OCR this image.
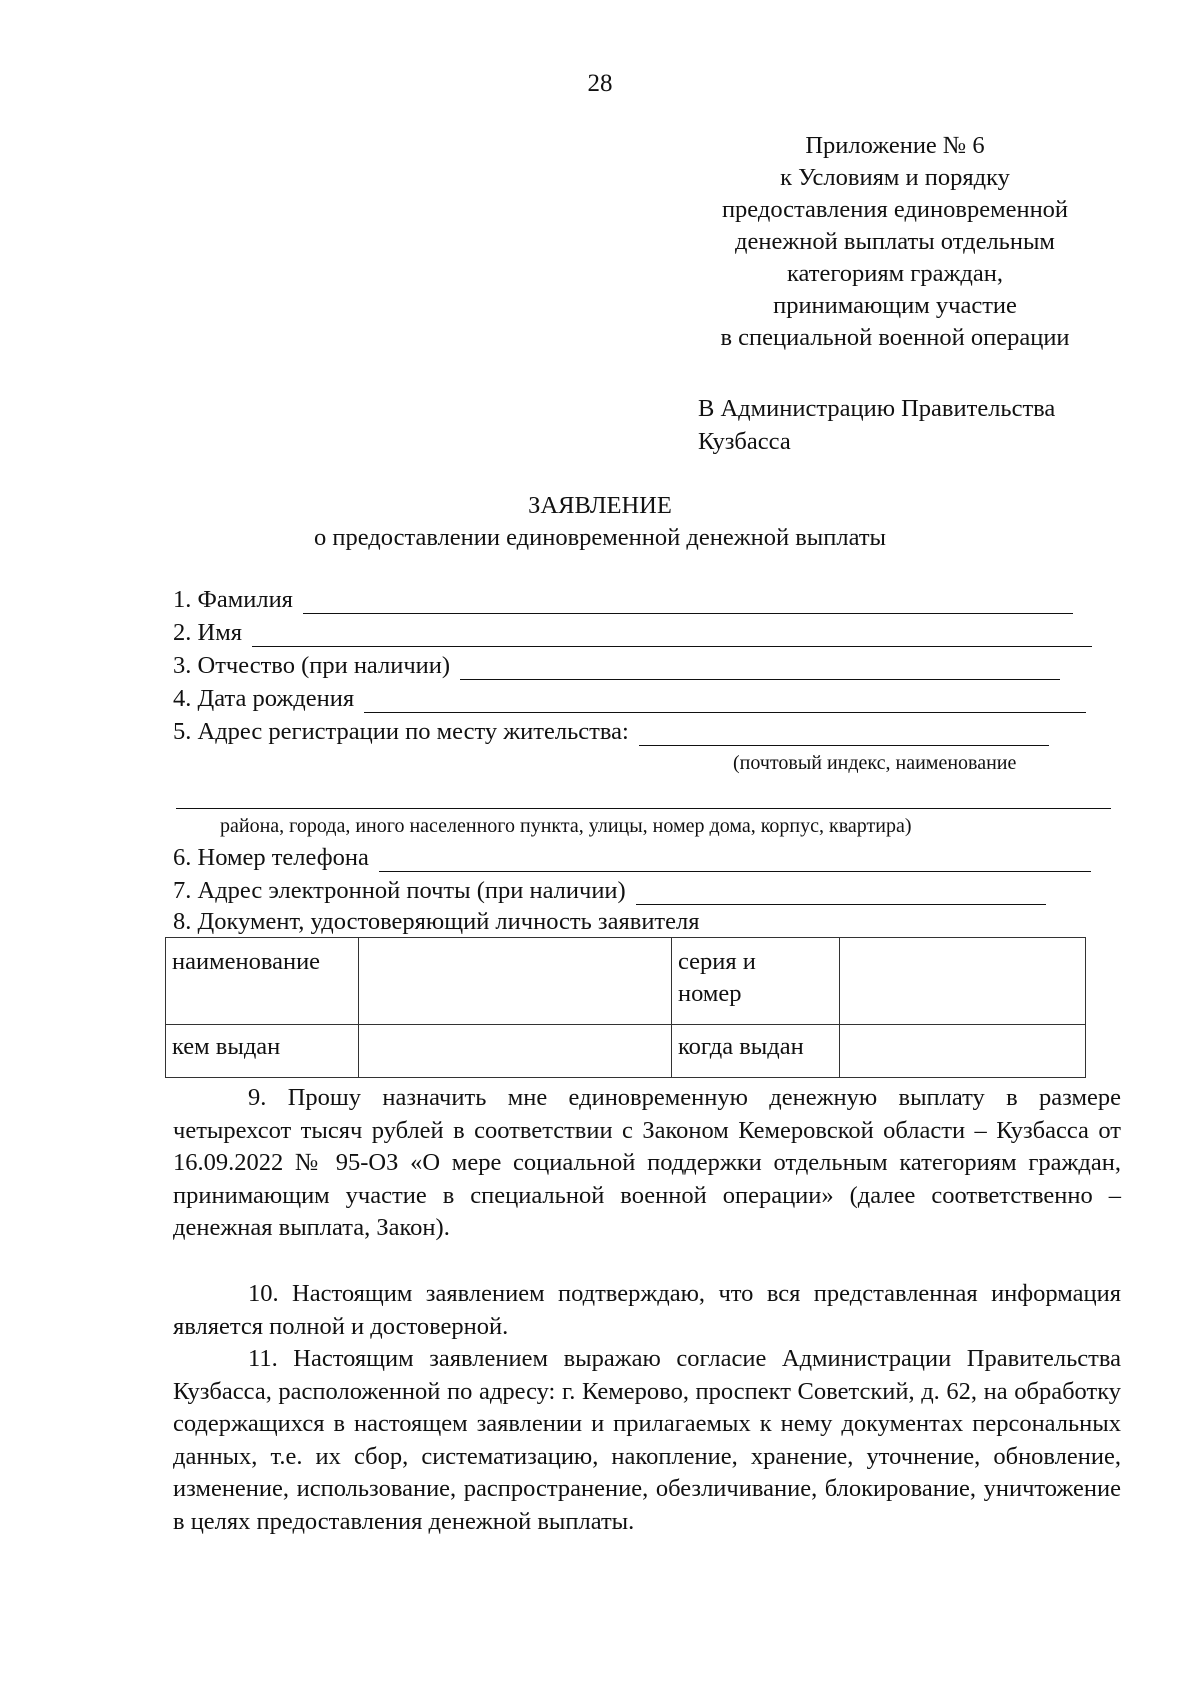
28
Приложение № 6
к Условиям и порядку
предоставления единовременной
денежной выплаты отдельным
категориям граждан,
принимающим участие
в специальной военной операции
В Администрацию Правительства
Кузбасса
ЗАЯВЛЕНИЕ
о предоставлении единовременной денежной выплаты
1. Фамилия
2. Имя
3. Отчество (при наличии)
4. Дата рождения
5. Адрес регистрации по месту жительства:
(почтовый индекс, наименование
района, города, иного населенного пункта, улицы, номер дома, корпус, квартира)
6. Номер телефона
7. Адрес электронной почты (при наличии)
8. Документ, удостоверяющий личность заявителя
наименование		серия и
номер	

кем выдан		когда выдан	

9. Прошу назначить мне единовременную денежную выплату в размере четырехсот тысяч рублей в соответствии с Законом Кемеровской области – Кузбасса от 16.09.2022 № 95-ОЗ «О мере социальной поддержки отдельным категориям граждан, принимающим участие в специальной военной операции» (далее соответственно – денежная выплата, Закон).

10. Настоящим заявлением подтверждаю, что вся представленная информация является полной и достоверной.

11. Настоящим заявлением выражаю согласие Администрации Правительства Кузбасса, расположенной по адресу: г. Кемерово, проспект Советский, д. 62, на обработку содержащихся в настоящем заявлении и прилагаемых к нему документах персональных данных, т.е. их сбор, систематизацию, накопление, хранение, уточнение, обновление, изменение, использование, распространение, обезличивание, блокирование, уничтожение в целях предоставления денежной выплаты.
